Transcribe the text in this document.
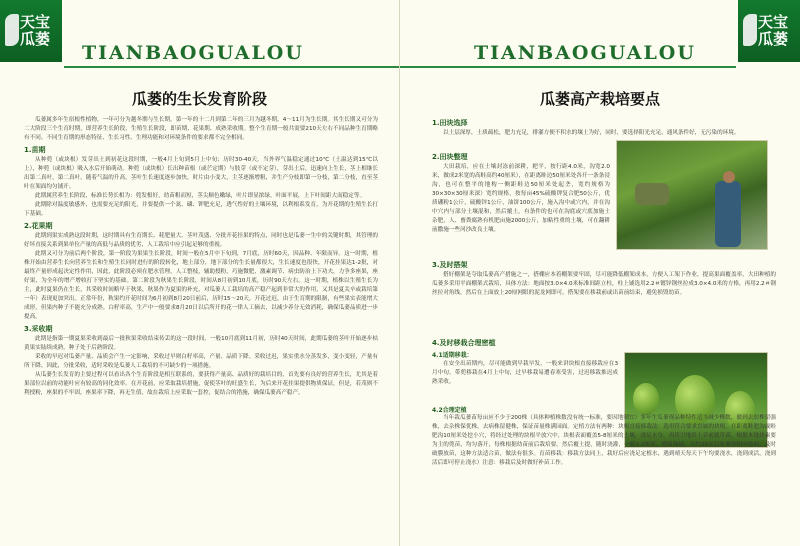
天宝
瓜蒌
TIANBAOGUALOU
瓜蒌的生长发育阶段

瓜蒌属多年生宿根性植物，一年可分为越冬期与生长期。第一年的十二月到第二年的三月为越冬期，4～11月为生长期。其生长期又可分为二大阶段三个生育时期，即营养生长阶段，生殖生长阶段，即苗期、花果期、成熟采收期。整个生育期一般共需要210天左右不同品种生育期略有不同。不同生育期的形态特征、生长习性、生理功能和对环境条件的要求都不完全相同。

1.苗期

从种蔸（或块根）发芽出土到初花这段时期，一般4月上旬到5月上中旬；历时30-40天。当外界气温稳定通过10℃（土温达到15℃以上），种蔸（或块根）吸入水后开始萌动。种蔸（或块根）长出种苗根（或芒定期）与肢芽（或不定芽），芽出土后，迅速向上生长，茎上相继长出第二真叶，第二真叶，随着气温的升高，茎叶生长速度逐步加快，时片由小变大，主茎逐渐增粗，并生产分枝即第一分枝，第二分枝，直至茎叶在架面均匀铺开。

此期属营养生长阶段，标准长势长相为：蔸发根好，幼苗粗而短，茎尖顺色嫩绿，叶片即显浓绿，叶面平展，上下叶间距大而稳定等。

此期除对温度敏感外，也需要充足的阳光，并要提供一个氮、磷、钾肥充足，透气性好的土壤环境，以利根系发育，为开花期的生殖生长打下基础。

2.花果期

此期到果实成熟这段时期，这时期具有生育期长、耗肥量大、茎叶茂盛、分批开花挂果的特点，同时也是瓜蒌一生中的关键时期，其管理的好坏直接关系到果单位产量的高低与品质的优劣，人工栽培中应引起足够的重视。

此期又可分为前后两个阶段，第一阶段为果果生长阶段，时间一般在5月中下旬到，7月底，历时60天，因品种、年限而异。这一时期，植株开始由营养生长向营养生长和生殖生长同时进行的阶段转化，地上部分，地下部分的生长量都很大，生长速度也很快，开花挂果达1-2批，对最终产量形成起决定性作用，因此，此阶段必须在肥水管理，人工整枝，辅助授粉，巧施微肥、激素调节、病虫防治上下功夫，力争多座果，座好果，为全年的增产增收打下坚实的基础。第二阶段为秋果生长阶段，时间从8月初到10月底，历时90天左右。这一时期，植株以生殖生长为主，此时夏果仍在生长，其采收时间略早于秋果，秋果作为夏果的补充，对瓜蒌人工栽培的高产稳产起到非常大的作用，又其是夏关卒或栽培第一年）表现更加突出。正常年份，秋果约开花时间为6月初到8月20日前后，历时15～20天，开花过迟，由于生育期的限制，有些果实表能增大成形，但果内种子不能充分成熟。白籽率高，生产中一般要求8月20日以后所开的花一律人工摘去，以减少养分无效消耗，确保瓜蒌品质进一步提高。

3.采收期

此期是指第一期夏果采收到最后一批秋果采收结束传丢的这一段时间，一般10月底到11月初，历时40天时间，此期瓜蒌的茎叶开始逐步枯黄果实陆续成熟，种子处于后熟阶段。

采收的早迟对瓜蒌产量、品质会产生一定影响，采收过早则白籽率高，产量、品质下降。采收过迟，果实重水分蒸发多，变小变轻，产量有所下降。因此，分批采收，适时采收是瓜蒌人工栽培的不可缺少的一项措施。

从瓜蒌生长发育的主要过程可以看出各个生育阶段是相互联系的，要获得产量高、品质好的栽培目的，首先要有良好的营养生长，尤其是着果部位以前的功能叶应有较高的同化效率。在开花前，应采取栽培措施，促使茎叶的旺盛生长，为后来开花挂果提供物质保证，但是，若茂则不利授粉，座果的不牢固，座果率下降，再无生值，故在栽培上应采取一套控，促结合的措施，确保瓜蒌高产稳产。

TIANBAOGUALOU
天宝
瓜蒌
瓜蒌高产栽培要点
1.田块选择

以土层深厚，土质疏松，肥力充足，排灌方便不积水的壤土为好，同时，要选择阳光充足，通风条件好，无污染的环境。

2.田块整理

大田栽培，应在土壤封冻前深耕，耙平，按行距4.0米，沟宽2.0米，做成2米宽的高畦高约40厘米），在距离畦边50厘米处各开一条条浸沟，也可在整平的地构一侧距畦边50厘米处起垄，宽约规格为30×30×30厘米深）宽约规格，按每亩45%硫酸钾复合肥50公斤，优质硼粉1公斤，硫酸锌1公斤，油饼100公斤，施入沟中或穴内，并在沟中穴内与部分土壤混和，然后覆土。有条件的也可在沟底或穴底加施土杂肥，人、畜粪腐熟有机肥亩施2000公斤，加粘性重的土壤，可在翻耕前撒施一些河沙改良土壤。

3.及时搭架

搭好棚架是夺取瓜蒌高产措施之一，搭棚应本着棚架要牢固，尽可能降低棚架成本，方便人工架下作业，提高果面覆盖率，大田种植的瓜蒌多采用平面棚架式栽培，具体方法：地面按3.0×4.0米标准间距立柱，柱上铺选用2.2＃镀锌钢丝拉成3.0×4.0米的方格，再用2.2＃钢丝拉对角线，然后在上面放上20厘网眼的泥龙网即可，搭架要在移栽前或出苗前结束，避免损毁幼苗。

4.及时移栽合理密植
4.1适期移栽：

在安全出苗期内，尽可能做到早栽早发，一般来讲块根直接移栽应在3月中旬，带蔸移栽在4月上中旬，过早移栽易遭春寒受害，过迟移栽推迟成熟采收。

4.2合理定植

当年栽瓜蒌苗每亩应不少于200株（具体种植株数没有统一标准，要因地制宜）多年生瓜蒌视品种特性适当减少株数，做到去弱株留强株，去杂株保优株，去病株留健株，保证苗量株满园面。定植方法有两种：块根直接移栽法：选用符合要求直属的块根，在距离畦肥沟或畦肥沟10厘米处挖小穴，将经过处理的块根平放穴中，块根表面覆盖5-8厘米的土壤，浇足水分，再将空地培上旁前就草苗，根据本地块素要为主的蔸苗，均匀落开，每株根据幼苗前后栽培要。然后覆土提，随时浇灌，一般1-2厘米，增温保墒，大约20天后有观察粗向地面，及时破膜放苗，这种方法适合苗，做法有很多。育苗移栽：移栽方法同上，栽好后应浇足定植水，遇到晴天每天下午均要浇水，浇到成活，浇到活后即可停止浇水）注意：移栽后及时做好补苗工作。
